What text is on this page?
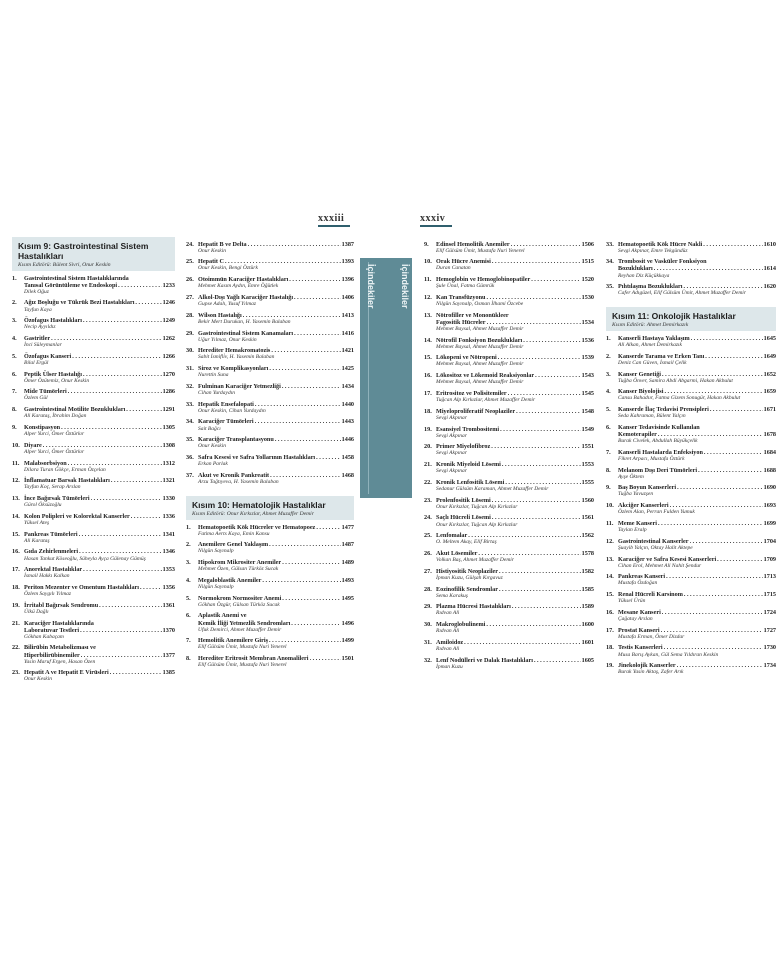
xxxiii	xxxiv
İçindekiler	İçindekiler
Kısım 9: Gastrointestinal Sistem Hastalıkları
Kısım Editörü: Bülent Sivri, Onur Keskin
1.	Gastrointestinal Sistem Hastalıklarında
Tanısal Görüntüleme ve Endoskopi . . .	1233
Dilek Oğuz
2.	Ağız Boşluğu ve Tükrük Bezi Hastalıkları . . .	1246
Tayfun Kaya
3.	Özofagus Hastalıkları . . .	1249
Necip Ayyıldız
4.	Gastritler . . .	1262
İnci Süleymanlar
5.	Özofagus Kanseri . . .	1266
Bilal Ergül
6.	Peptik Ülser Hastalığı . . .	1270
Ömer Özütemiz, Onur Keskin
7.	Mide Tümörleri . . .	1286
Özlem Gül
8.	Gastrointestinal Motilite Bozuklukları . . .	1291
Ali Karataş, İbrahim Doğan
9.	Konstipasyon . . .	1305
Alper Yurci, Ömer Öztürkır
10. Diyare . . .	1308
Alper Yurci, Ömer Öztürkır
11. Malabsorbsiyon . . .	1312
Dilara Turan Gökçe, Erman Özçelan
12. İnflamatuar Barsak Hastalıkları . . .	1321
Tayfun Koç, Serap Arslan
13. İnce Bağırsak Tümörleri . . .	1330
Gürol Öksüzoğlu
14. Kolon Polipleri ve Kolorektal Kanserler . . .	1336
Yüksel Ateş
15. Pankreas Tümörleri . . .	1341
Ali Karataş
16. Gıda Zehirlenmeleri . . .	1346
Hasan Tankut Köseoğlu, Süheyla Ayça Gülenay Gümüş
17. Anorektal Hastalıklar . . .	1353
İsmail Hakkı Kalkan
18. Periton Mezenter ve Omentum Hastalıkları . . .	1356
Özlem Saygılı Yılmaz
19. İrritabl Bağırsak Sendromu . . .	1361
Ülkü Dağlı
21. Karaciğer Hastalıklarında
Laboratuvar Testleri . . .	1370
Gökhan Kabaçam
22. Bilirübin Metabolizması ve
Hiperbilirübinemiler . . .	1377
Yasin Maruf Ergen, Hasan Özen
23. Hepatit A ve Hepatit E Virüsleri . . .	1385
Onur Keskin
24. Hepatit B ve Delta . . .	1387
Onur Keskin
25. Hepatit C . . .	1393
Onur Keskin, Bengi Öztürk
26. Otoimmün Karaciğer Hastalıkları . . .	1396
Mehmet Kasım Aydın, Emre Öğütlek
27. Alkol-Dışı Yağlı Karaciğer Hastalığı . . .	1406
Gupse Adalı, Yusuf Yılmaz
28. Wilson Hastalığı . . .	1413
Bekir Mert Durukan, H. Yasemin Balaban
29. Gastrointestinal Sistem Kanamaları . . .	1416
Uğur Yılmaz, Onur Keskin
30. Herediter Hemakromatozis . . .	1421
Sabit İsmifli̇v, H. Yasemin Balaban
31. Siroz ve Komplikasyonları . . .	1425
Nurettin Suna
32. Fulminan Karaciğer Yetmezliği . . .	1434
Cihan Yurdaydın
33. Hepatik Ensefalopati . . .	1440
Onur Keskin, Cihan Yurdaydın
34. Karaciğer Tümörleri . . .	1443
Sait Bağcı
35. Karaciğer Transplantasyonu . . .	1446
Onur Keskin
36. Safra Kesesi ve Safra Yollarının Hastalıkları . . .	1458
Erkan Parlak
37. Akut ve Kronik Pankreatit . . .	1468
Arzu Tağtıyeva, H. Yasemin Balaban
Kısım 10: Hematolojik Hastalıklar
Kısım Editörü: Onur Kırkızlar, Ahmet Muzaffer Demir
1.	Hematopoetik Kök Hücreler ve Hematopoez . . .	1477
Fatima Aerts Kaya, Emin Kansu
2.	Anemilere Genel Yaklaşım . . .	1487
Nilgün Sayınalp
3.	Hipokrom Mikrositer Anemiler . . .	1489
Mehmet Özen, Gülsan Türköz Sucak
4.	Megaloblastik Anemiler . . .	1493
Nilgün Sayınalp
5.	Normokrom Normositer Anemi . . .	1495
Gökhan Özgür, Gülsan Türköz Sucak
6.	Aplastik Anemi ve
Kemik İliği Yetmezlik Sendromları . . .	1496
Ufuk Demirci, Ahmet Muzaffer Demir
7.	Hemolitik Anemilere Giriş . . .	1499
Elif Gülsüm Ümit, Mustafa Nuri Yenerel
8.	Herediter Eritrosit Membran Anomalileri . . .	1501
Elif Gülsüm Ümit, Mustafa Nuri Yenerel
9.	Edinsel Hemolitik Anemiler . . .	1506
Elif Gülsüm Ümit, Mustafa Nuri Yenerel
10. Orak Hücre Anemisi . . .	1515
Duran Canatan
11. Hemoglobin ve Hemoglobinopatiler . . .	1520
Şule Ünal, Fatma Gümrük
12. Kan Transfüzyonu . . .	1530
Nilgün Sayınalp, Osman İlhami Özcebe
13. Nötrofiller ve Mononükleer
Fagositik Hücreler . . .	1534
Mehmet Baysal, Ahmet Muzaffer Demir
14. Nötrofil Fonksiyon Bozuklukları . . .	1536
Mehmet Baysal, Ahmet Muzaffer Demir
15. Lökopeni ve Nötropeni . . .	1539
Mehmet Baysal, Ahmet Muzaffer Demir
16. Lökositoz ve Lökemoid Reaksiyonlar . . .	1543
Mehmet Baysal, Ahmet Muzaffer Demir
17. Eritrositoz ve Polisitemiler . . .	1545
Tuğcan Alp Kırkızlar, Ahmet Muzaffer Demir
18. Miyeloproliferatif Neoplaziler . . .	1548
Sevgi Akpınar
19. Esansiyel Trombositemi . . .	1549
Sevgi Akpınar
20. Primer Miyelofibroz . . .	1551
Sevgi Akpınar
21. Kronik Miyeloid Lösemi . . .	1553
Sevgi Akpınar
22. Kronik Lenfositik Lösemi . . .	1555
Sedanur Gülsüm Karaman, Ahmet Muzaffer Demir
23. Prolenfositik Lösemi . . .	1560
Onur Kırkızlar, Tuğcan Alp Kırkızlar
24. Saçlı Hücreli Lösemi . . .	1561
Onur Kırkızlar, Tuğcan Alp Kırkızlar
25. Lenfomalar . . .	1562
O. Meltem Akay, Elif Birtaş
26. Akut Lösemiler . . .	1578
Volkan Baş, Ahmet Muzaffer Demir
27. Histiyositik Neoplaziler . . .	1582
İpman Kuzu, Gülşah Kırgavuz
28. Eozinofilik Sendromlar . . .	1585
Sema Karakuş
29. Plazma Hücresi Hastalıkları . . .	1589
Rıdvan Ali
30. Makroglobulinemi . . .	1600
Rıdvan Ali
31. Amiloidoz . . .	1601
Rıdvan Ali
32. Lenf Nodülleri ve Dalak Hastalıkları . . .	1605
İpman Kuzu
33. Hematopoetik Kök Hücre Nakli . . .	1610
Sevgi Akpınar, Emre Tekgündüz
34. Trombosit ve Vasküler Fonksiyon
Bozuklukları . . .	1614
Reyhan Diz Küçükkaya
35. Pıhtılaşma Bozuklukları . . .	1620
Cafer Adıgüzel, Elif Gülsüm Ümit, Ahmet Muzaffer Demir
Kısım 11: Onkolojik Hastalıklar
Kısım Editörü: Ahmet Demirkazık
1.	Kanserli Hastaya Yaklaşım . . .	1645
Ali Alkan, Ahmet Demirkazık
2.	Kanserde Tarama ve Erken Tanı . . .	1649
Deniz Can Güven, İsmail Çelik
3.	Kanser Genetiği . . .	1652
Tuğba Önver, Samira Abdi Abgarmi, Hakan Akbulut
4.	Kanser Biyolojisi . . .	1659
Cansu Bahadıır, Fatma Gizem Sonugür, Hakan Akbulut
5.	Kanserde İlaç Tedavisi Prensipleri . . .	1671
Seda Kahraman, Bülent Yalçın
6.	Kanser Tedavisinde Kullanılan
Kemoterapiler . . .	1678
Burak Civelek, Abdullah Büyükçelik
7.	Kanserli Hastalarda Enfeksiyon . . .	1684
Fikret Arpacı, Mustafa Öztürk
8.	Melanom Dışı Deri Tümörleri . . .	1688
Ayşe Öktem
9.	Baş Boyun Kanserleri . . .	1690
Tuğba Yavuzşen
10. Akciğer Kanserleri . . .	1693
Özlem Alan, Perran Fulden Yumuk
11. Meme Kanseri . . .	1699
Taylan Eralp
12. Gastrointestinal Kanserler . . .	1704
Şuayib Yalçın, Oktay Halit Aktepe
13. Karaciğer ve Safra Kesesi Kanserleri . . .	1709
Cihan Erol, Mehmet Ali Nahit Şendur
14. Pankreas Kanseri . . .	1713
Mustafa Özdoğan
15. Renal Hücreli Karsinom . . .	1715
Yüksel Ürün
16. Mesane Kanseri . . .	1724
Çağatay Arslan
17. Prostat Kanseri . . .	1727
Mustafa Erman, Ömer Dizdar
18. Testis Kanserleri . . .	1730
Musa Barış Aykan, Gül Sema Yıldıran Keskin
19. Jinekolojik Kanserler . . .	1734
Burak Yasin Aktaş, Zafer Arık
